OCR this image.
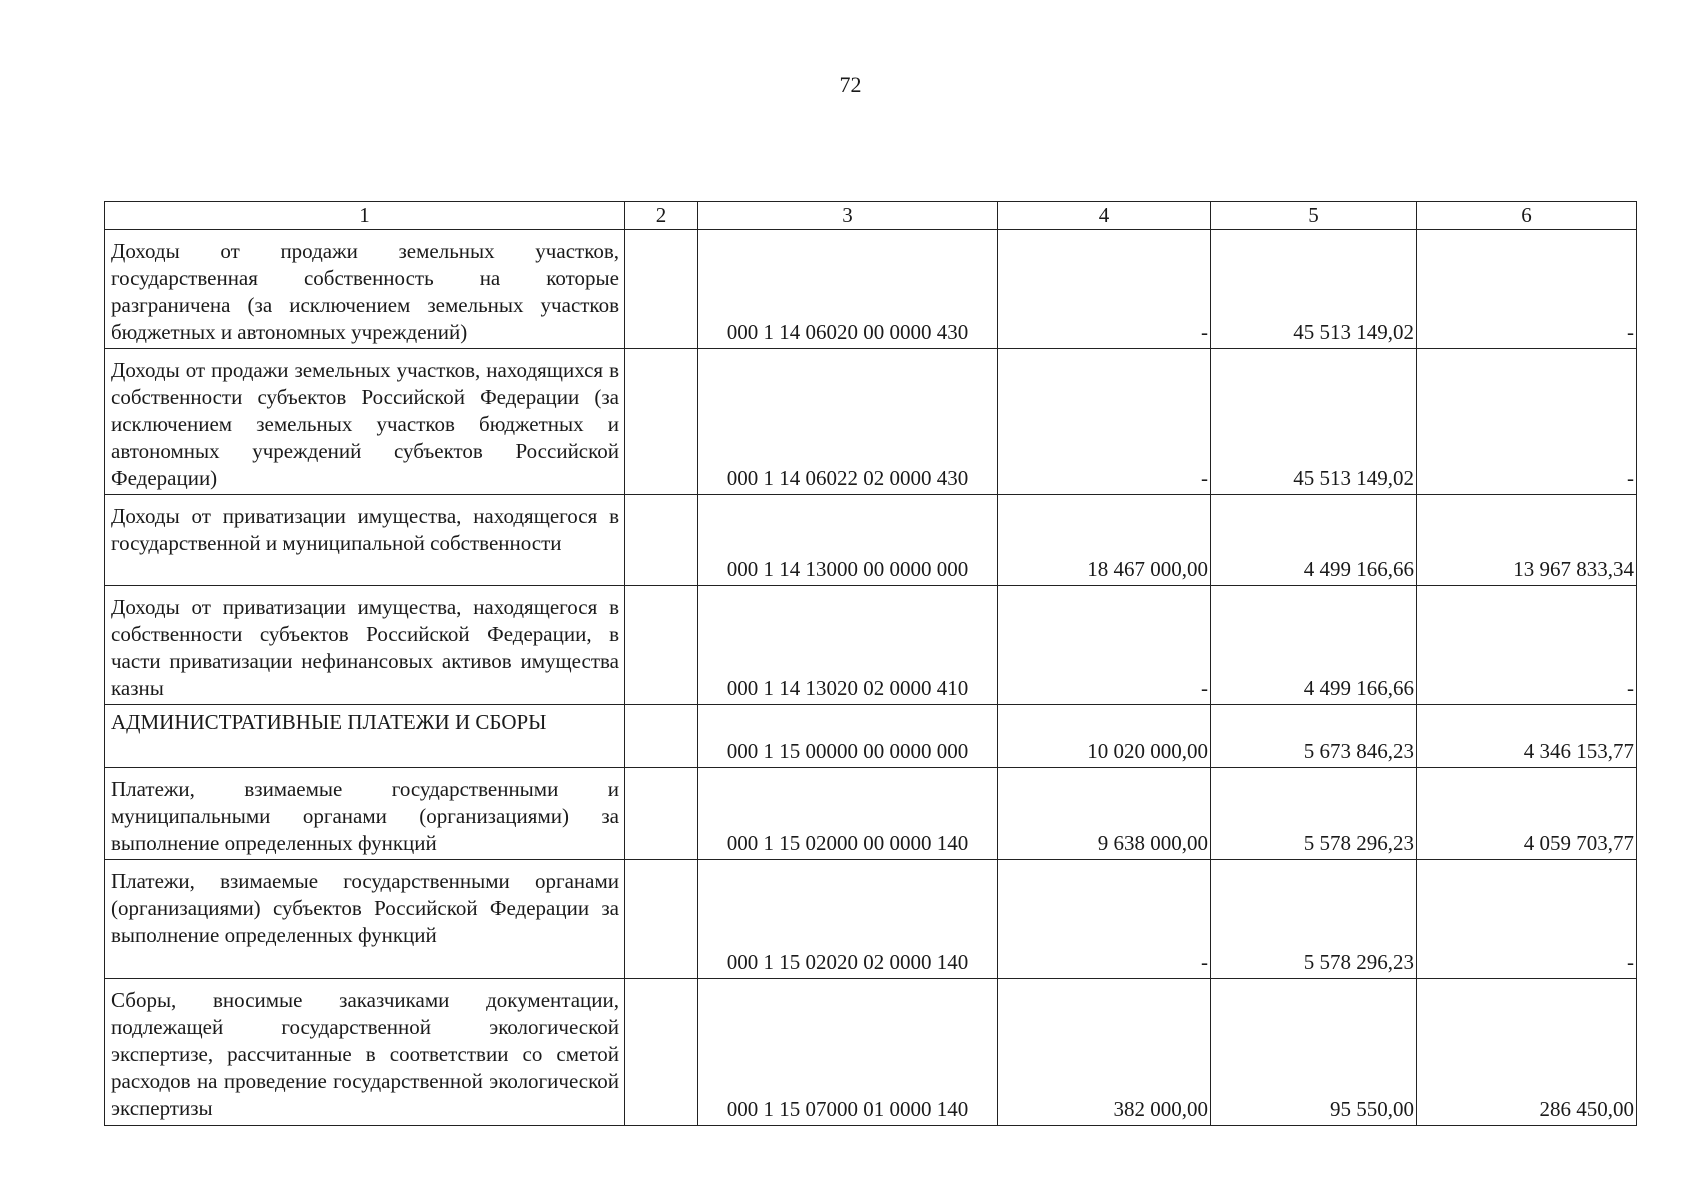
72
1	2	3	4	5	6
Доходы от продажи земельных участков, государственная собственность на которые разграничена (за исключением земельных участков бюджетных и автономных учреждений)		000 1 14 06020 00 0000 430	-	45 513 149,02	-
Доходы от продажи земельных участков, находящихся в собственности субъектов Российской Федерации (за исключением земельных участков бюджетных и автономных учреждений субъектов Российской Федерации)		000 1 14 06022 02 0000 430	-	45 513 149,02	-
Доходы от приватизации имущества, находящегося в государственной и муниципальной собственности		000 1 14 13000 00 0000 000	18 467 000,00	4 499 166,66	13 967 833,34
Доходы от приватизации имущества, находящегося в собственности субъектов Российской Федерации, в части приватизации нефинансовых активов имущества казны		000 1 14 13020 02 0000 410	-	4 499 166,66	-
АДМИНИСТРАТИВНЫЕ ПЛАТЕЖИ И СБОРЫ		000 1 15 00000 00 0000 000	10 020 000,00	5 673 846,23	4 346 153,77
Платежи, взимаемые государственными и муниципальными органами (организациями) за выполнение определенных функций		000 1 15 02000 00 0000 140	9 638 000,00	5 578 296,23	4 059 703,77
Платежи, взимаемые государственными органами (организациями) субъектов Российской Федерации за выполнение определенных функций		000 1 15 02020 02 0000 140	-	5 578 296,23	-
Сборы, вносимые заказчиками документации, подлежащей государственной экологической экспертизе, рассчитанные в соответствии со сметой расходов на проведение государственной экологической экспертизы		000 1 15 07000 01 0000 140	382 000,00	95 550,00	286 450,00
